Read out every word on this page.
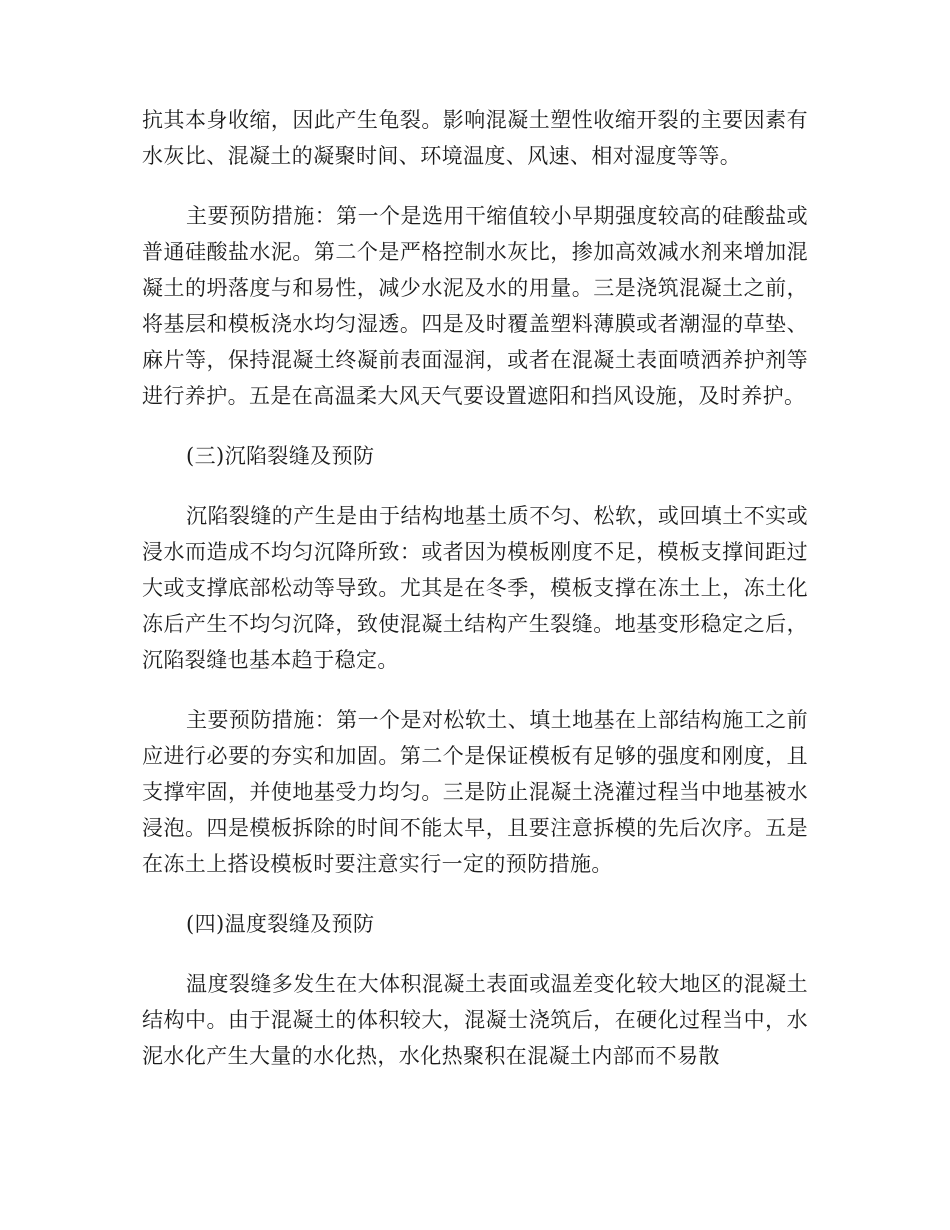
抗其本身收缩，因此产生龟裂。影响混凝土塑性收缩开裂的主要因素有水灰比、混凝土的凝聚时间、环境温度、风速、相对湿度等等。

主要预防措施：第一个是选用干缩值较小早期强度较高的硅酸盐或普通硅酸盐水泥。第二个是严格控制水灰比，掺加高效减水剂来增加混凝土的坍落度与和易性，减少水泥及水的用量。三是浇筑混凝土之前，将基层和模板浇水均匀湿透。四是及时覆盖塑料薄膜或者潮湿的草垫、麻片等，保持混凝土终凝前表面湿润，或者在混凝土表面喷洒养护剂等进行养护。五是在高温柔大风天气要设置遮阳和挡风设施，及时养护。

(三)沉陷裂缝及预防

沉陷裂缝的产生是由于结构地基土质不匀、松软，或回填土不实或浸水而造成不均匀沉降所致：或者因为模板刚度不足，模板支撑间距过大或支撑底部松动等导致。尤其是在冬季，模板支撑在冻土上，冻土化冻后产生不均匀沉降，致使混凝土结构产生裂缝。地基变形稳定之后，沉陷裂缝也基本趋于稳定。

主要预防措施：第一个是对松软土、填土地基在上部结构施工之前应进行必要的夯实和加固。第二个是保证模板有足够的强度和刚度，且支撑牢固，并使地基受力均匀。三是防止混凝土浇灌过程当中地基被水浸泡。四是模板拆除的时间不能太早，且要注意拆模的先后次序。五是在冻土上搭设模板时要注意实行一定的预防措施。

(四)温度裂缝及预防

温度裂缝多发生在大体积混凝土表面或温差变化较大地区的混凝土结构中。由于混凝土的体积较大，混凝士浇筑后，在硬化过程当中，水泥水化产生大量的水化热，水化热聚积在混凝土内部而不易散
